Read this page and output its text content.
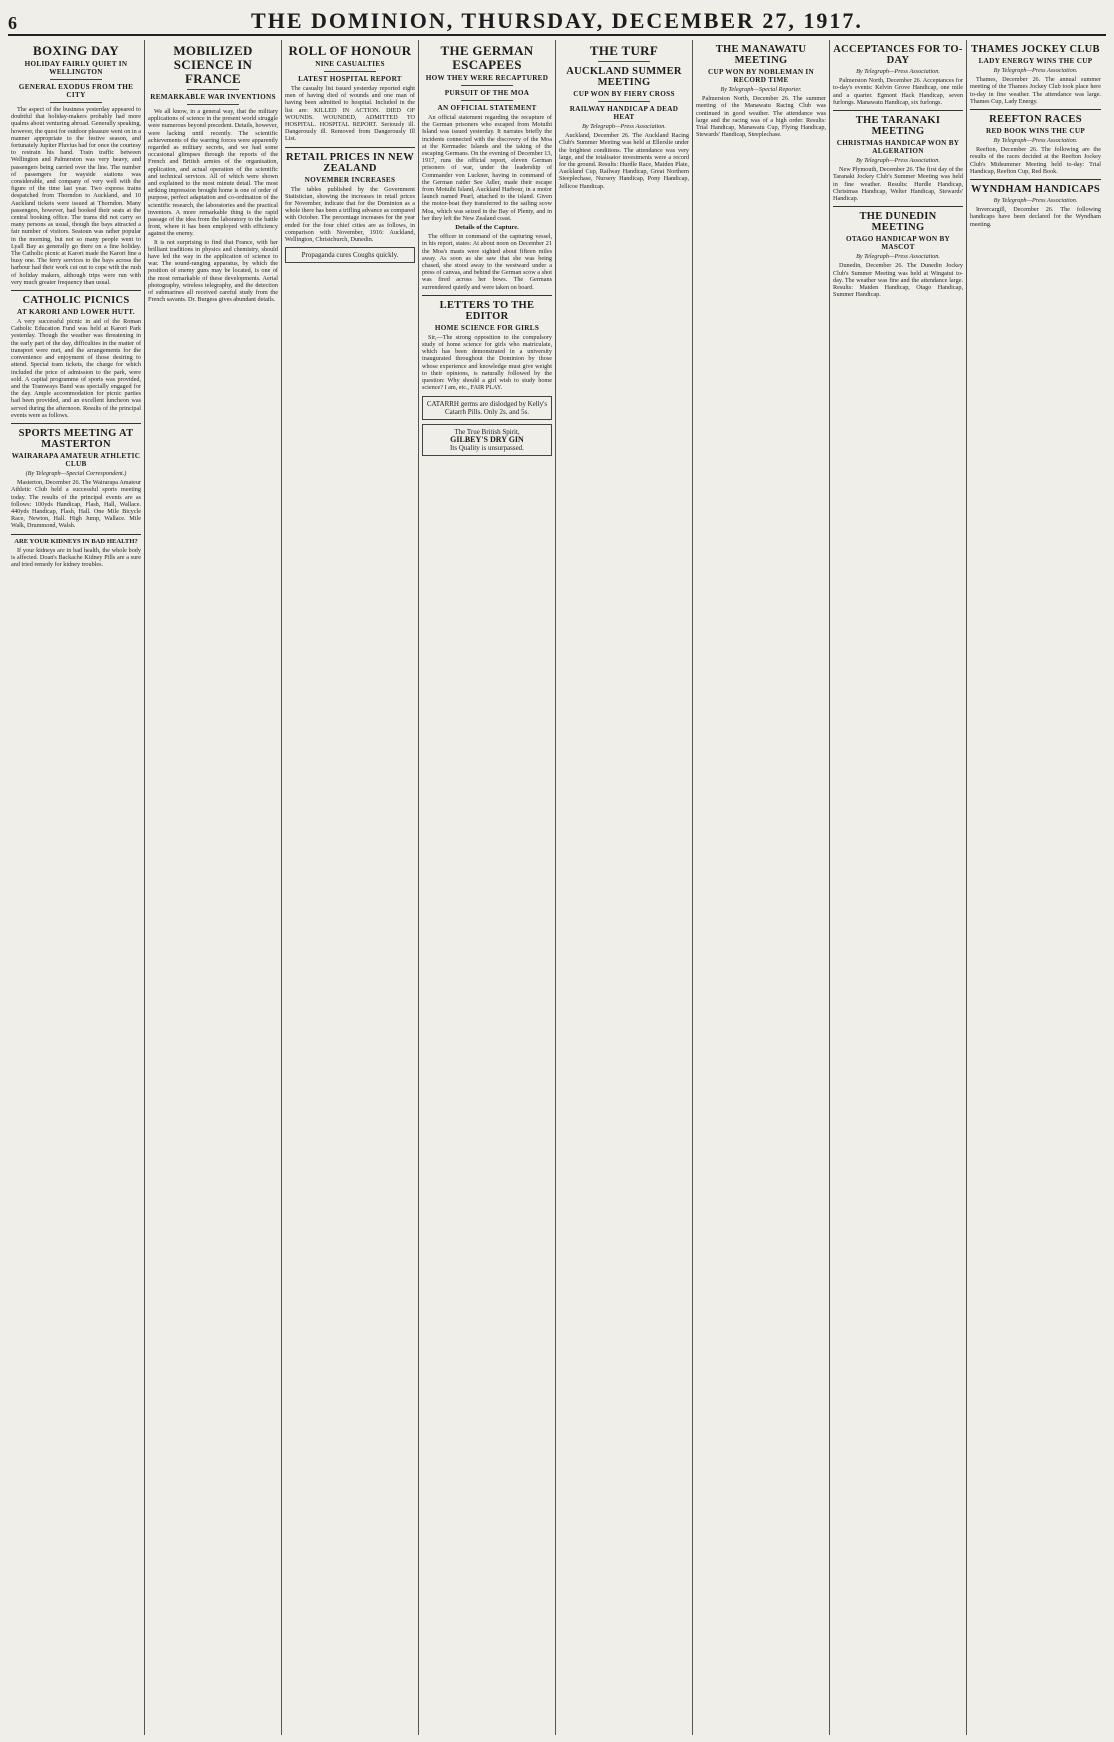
6	THE DOMINION, THURSDAY, DECEMBER 27, 1917.
BOXING DAY
HOLIDAY FAIRLY QUIET IN WELLINGTON
GENERAL EXODUS FROM THE CITY

The aspect of the business yesterday appeared to doubtful that holiday-makers probably had more qualms about venturing abroad. Generally speaking, however, the quest for outdoor pleasure went on in a manner appropriate to the festive season, and fortunately Jupiter Pluvius had for once the courtesy to restrain his hand. Train traffic between Wellington and Palmerston was very heavy, and passengers being carried over the line. The number of passengers for wayside stations was considerable, and company of very well with the figure of the time last year. Two express trains despatched from Thorndon to Auckland, and 10 Auckland tickets were issued at Thorndon. Many passengers, however, had booked their seats at the central booking office. The trams did not carry so many persons as usual, though the bays attracted a fair number of visitors. Seatoun was rather popular in the morning, but not so many people went to Lyall Bay as generally go there on a fine holiday. The Catholic picnic at Karori made the Karori line a busy one. The ferry services to the bays across the harbour had their work cut out to cope with the rush of holiday makers, although trips were run with very much greater frequency than usual.

CATHOLIC PICNICS
AT KARORI AND LOWER HUTT.

A very successful picnic in aid of the Roman Catholic Education Fund was held at Karori Park yesterday. Though the weather was threatening in the early part of the day, difficulties in the matter of transport were met, and the arrangements for the convenience and enjoyment of those desiring to attend. Special tram tickets, the charge for which included the price of admission to the park, were sold. A capital programme of sports was provided, and the Tramways Band was specially engaged for the day. Ample accommodation for picnic parties had been provided, and an excellent luncheon was served during the afternoon. Results of the principal events were as follows.

SPORTS MEETING AT MASTERTON
WAIRARAPA AMATEUR ATHLETIC CLUB
(By Telegraph—Special Correspondent.)

Masterton, December 26. The Wairarapa Amateur Athletic Club held a successful sports meeting today. The results of the principal events are as follows: 100yds Handicap, Flash, Hall, Wallace. 440yds Handicap, Flash, Hall. One Mile Bicycle Race, Newton, Hall. High Jump, Wallace. Mile Walk, Drummond, Walsh.

ARE YOUR KIDNEYS IN BAD HEALTH?

If your kidneys are in bad health, the whole body is affected. Doan's Backache Kidney Pills are a sure and tried remedy for kidney troubles.

MOBILIZED SCIENCE IN FRANCE
REMARKABLE WAR INVENTIONS

We all know, in a general way, that the military applications of science in the present world struggle were numerous beyond precedent. Details, however, were lacking until recently. The scientific achievements of the warring forces were apparently regarded as military secrets, and we had some occasional glimpses through the reports of the French and British armies of the organisation, application, and actual operation of the scientific and technical services. All of which were shown and explained to the most minute detail. The most striking impression brought home is one of order of purpose, perfect adaptation and co-ordination of the scientific research, the laboratories and the practical inventors. A more remarkable thing is the rapid passage of the idea from the laboratory to the battle front, where it has been employed with efficiency against the enemy.

It is not surprising to find that France, with her brilliant traditions in physics and chemistry, should have led the way in the application of science to war. The sound-ranging apparatus, by which the position of enemy guns may be located, is one of the most remarkable of these developments. Aerial photography, wireless telegraphy, and the detection of submarines all received careful study from the French savants. Dr. Burgess gives abundant details.

ROLL OF HONOUR
NINE CASUALTIES
LATEST HOSPITAL REPORT

The casualty list issued yesterday reported eight men of having died of wounds and one man of having been admitted to hospital. Included in the list are: KILLED IN ACTION. DIED OF WOUNDS. WOUNDED, ADMITTED TO HOSPITAL. HOSPITAL REPORT. Seriously ill. Dangerously ill. Removed from Dangerously Ill List.

RETAIL PRICES IN NEW ZEALAND
NOVEMBER INCREASES

The tables published by the Government Statistician, showing the increases in retail prices for November, indicate that for the Dominion as a whole there has been a trifling advance as compared with October. The percentage increases for the year ended for the four chief cities are as follows, in comparison with November, 1916: Auckland, Wellington, Christchurch, Dunedin.

Propaganda cures Coughs quickly.
THE GERMAN ESCAPEES
HOW THEY WERE RECAPTURED
PURSUIT OF THE MOA
AN OFFICIAL STATEMENT

An official statement regarding the recapture of the German prisoners who escaped from Motuihi Island was issued yesterday. It narrates briefly the incidents connected with the discovery of the Moa at the Kermadec Islands and the taking of the escaping Germans. On the evening of December 13, 1917, runs the official report, eleven German prisoners of war, under the leadership of Commander von Luckner, having in command of the German raider See Adler, made their escape from Motuihi Island, Auckland Harbour, in a motor launch named Pearl, attached to the island. Given the motor-boat they transferred to the sailing scow Moa, which was seized in the Bay of Plenty, and in her they left the New Zealand coast.

Details of the Capture.

The officer in command of the capturing vessel, in his report, states: At about noon on December 21 the Moa's masts were sighted about fifteen miles away. As soon as she saw that she was being chased, she stood away to the westward under a press of canvas, and behind the German scow a shot was fired across her bows. The Germans surrendered quietly and were taken on board.

LETTERS TO THE EDITOR
HOME SCIENCE FOR GIRLS

Sir,—The strong opposition to the compulsory study of home science for girls who matriculate, which has been demonstrated in a university inaugurated throughout the Dominion by those whose experience and knowledge must give weight to their opinions, is naturally followed by the question: Why should a girl wish to study home science? I am, etc., FAIR PLAY.

CATARRH germs are dislodged by Kelly's Catarrh Pills. Only 2s. and 5s.
The True British Spirit,
GILBEY'S DRY GIN
Its Quality is unsurpassed.
THE TURF
AUCKLAND SUMMER MEETING
CUP WON BY FIERY CROSS
RAILWAY HANDICAP A DEAD HEAT
By Telegraph—Press Association.

Auckland, December 26. The Auckland Racing Club's Summer Meeting was held at Ellerslie under the brightest conditions. The attendance was very large, and the totalisator investments were a record for the ground. Results: Hurdle Race, Maiden Plate, Auckland Cup, Railway Handicap, Great Northern Steeplechase, Nursery Handicap, Pony Handicap, Jellicoe Handicap.

THE MANAWATU MEETING
CUP WON BY NOBLEMAN IN RECORD TIME
By Telegraph—Special Reporter.

Palmerston North, December 26. The summer meeting of the Manawatu Racing Club was continued in good weather. The attendance was large and the racing was of a high order. Results: Trial Handicap, Manawatu Cup, Flying Handicap, Stewards' Handicap, Steeplechase.

ACCEPTANCES FOR TO-DAY
By Telegraph—Press Association.

Palmerston North, December 26. Acceptances for to-day's events: Kelvin Grove Handicap, one mile and a quarter. Egmont Hack Handicap, seven furlongs. Manawatu Handicap, six furlongs.

THE TARANAKI MEETING
CHRISTMAS HANDICAP WON BY ALGERATION
By Telegraph—Press Association.

New Plymouth, December 26. The first day of the Taranaki Jockey Club's Summer Meeting was held in fine weather. Results: Hurdle Handicap, Christmas Handicap, Welter Handicap, Stewards' Handicap.

THE DUNEDIN MEETING
OTAGO HANDICAP WON BY MASCOT
By Telegraph—Press Association.

Dunedin, December 26. The Dunedin Jockey Club's Summer Meeting was held at Wingatui to-day. The weather was fine and the attendance large. Results: Maiden Handicap, Otago Handicap, Summer Handicap.

THAMES JOCKEY CLUB
LADY ENERGY WINS THE CUP
By Telegraph—Press Association.

Thames, December 26. The annual summer meeting of the Thames Jockey Club took place here to-day in fine weather. The attendance was large. Thames Cup, Lady Energy.

REEFTON RACES
RED BOOK WINS THE CUP
By Telegraph—Press Association.

Reefton, December 26. The following are the results of the races decided at the Reefton Jockey Club's Midsummer Meeting held to-day: Trial Handicap, Reefton Cup, Red Book.

WYNDHAM HANDICAPS
By Telegraph—Press Association.

Invercargill, December 26. The following handicaps have been declared for the Wyndham meeting.
